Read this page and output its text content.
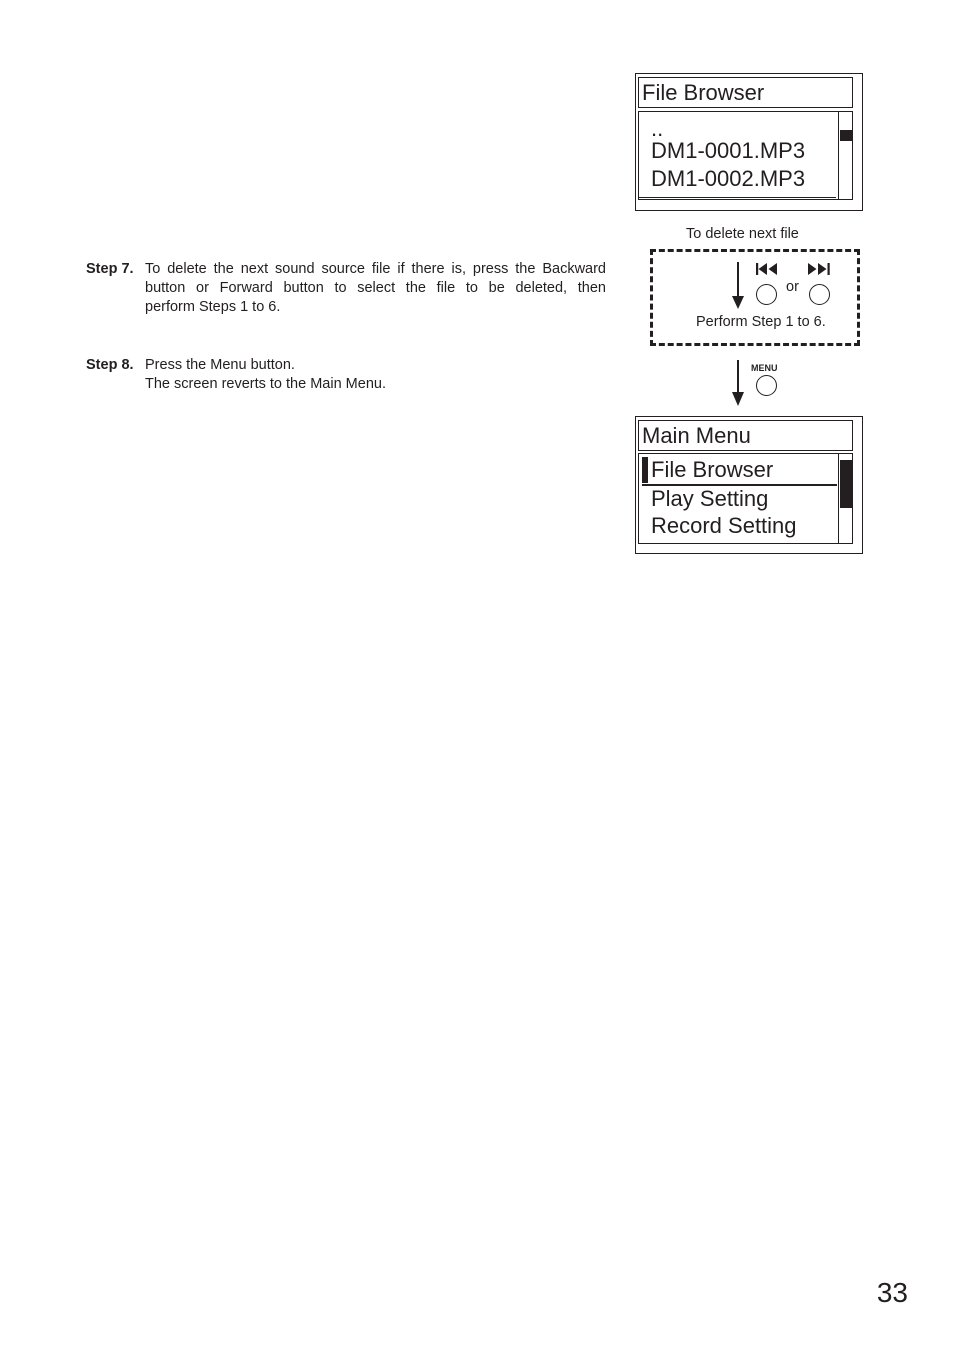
File Browser
..
DM1-0001.MP3
DM1-0002.MP3
To delete next file
or
Perform Step 1 to 6.
MENU
Step 7. To delete the next sound source file if there is, press the Backward
button or Forward button to select the file to be deleted, then
perform Steps 1 to 6.
Step 8. Press the Menu button.
The screen reverts to the Main Menu.
Main Menu
File Browser
Play Setting
Record Setting
33
